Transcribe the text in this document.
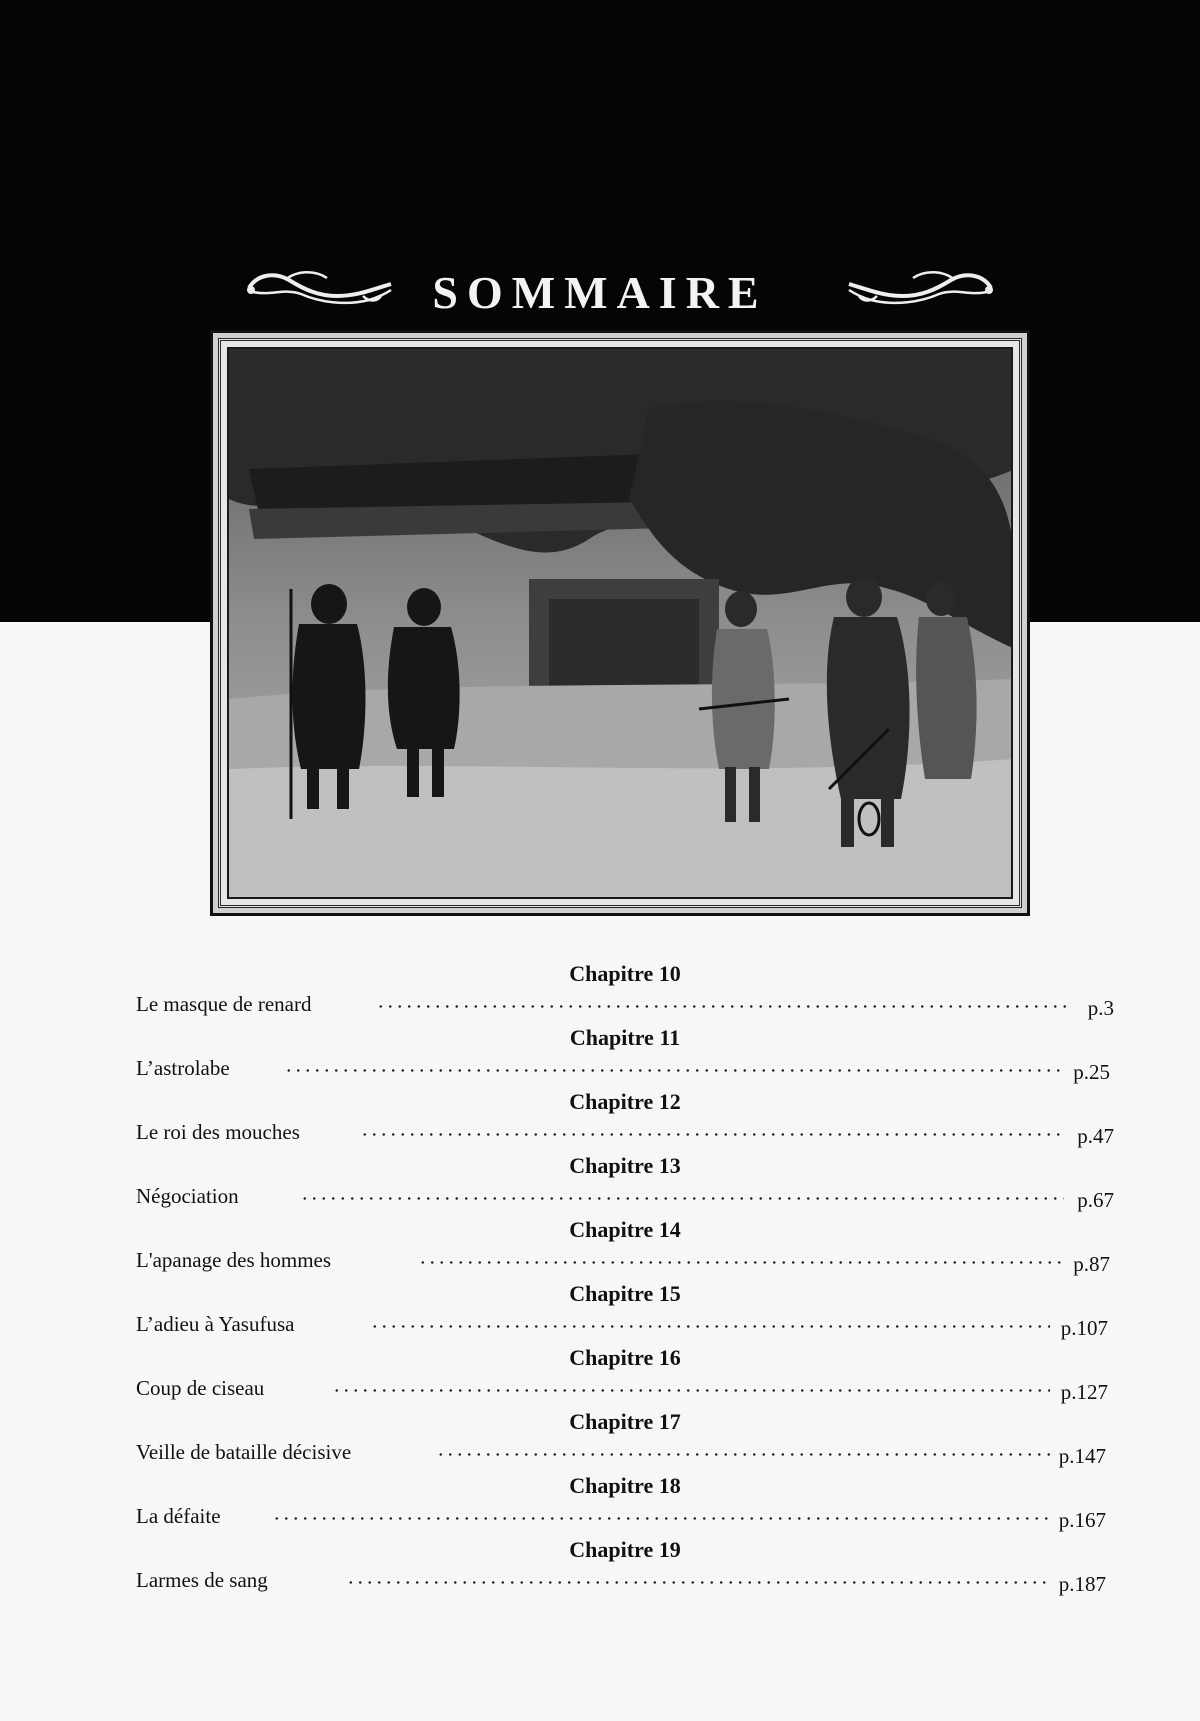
SOMMAIRE
Chapitre 10
Le masque de renard	p.3
Chapitre 11
L’astrolabe	p.25
Chapitre 12
Le roi des mouches	p.47
Chapitre 13
Négociation	p.67
Chapitre 14
L'apanage des hommes	p.87
Chapitre 15
L’adieu à Yasufusa	p.107
Chapitre 16
Coup de ciseau	p.127
Chapitre 17
Veille de bataille décisive	p.147
Chapitre 18
La défaite	p.167
Chapitre 19
Larmes de sang	p.187
